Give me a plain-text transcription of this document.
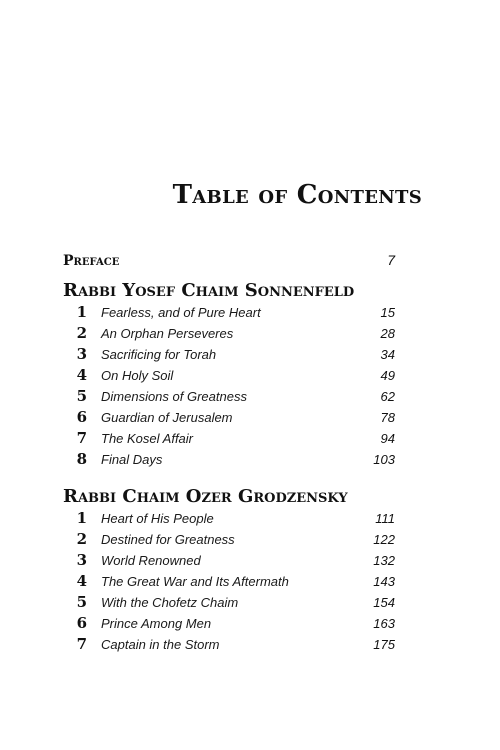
Table of Contents
Preface	7
Rabbi Yosef Chaim Sonnenfeld
1	Fearless, and of Pure Heart	15
2	An Orphan Perseveres	28
3	Sacrificing for Torah	34
4	On Holy Soil	49
5	Dimensions of Greatness	62
6	Guardian of Jerusalem	78
7	The Kosel Affair	94
8	Final Days	103
Rabbi Chaim Ozer Grodzensky
1	Heart of His People	111
2	Destined for Greatness	122
3	World Renowned	132
4	The Great War and Its Aftermath	143
5	With the Chofetz Chaim	154
6	Prince Among Men	163
7	Captain in the Storm	175
